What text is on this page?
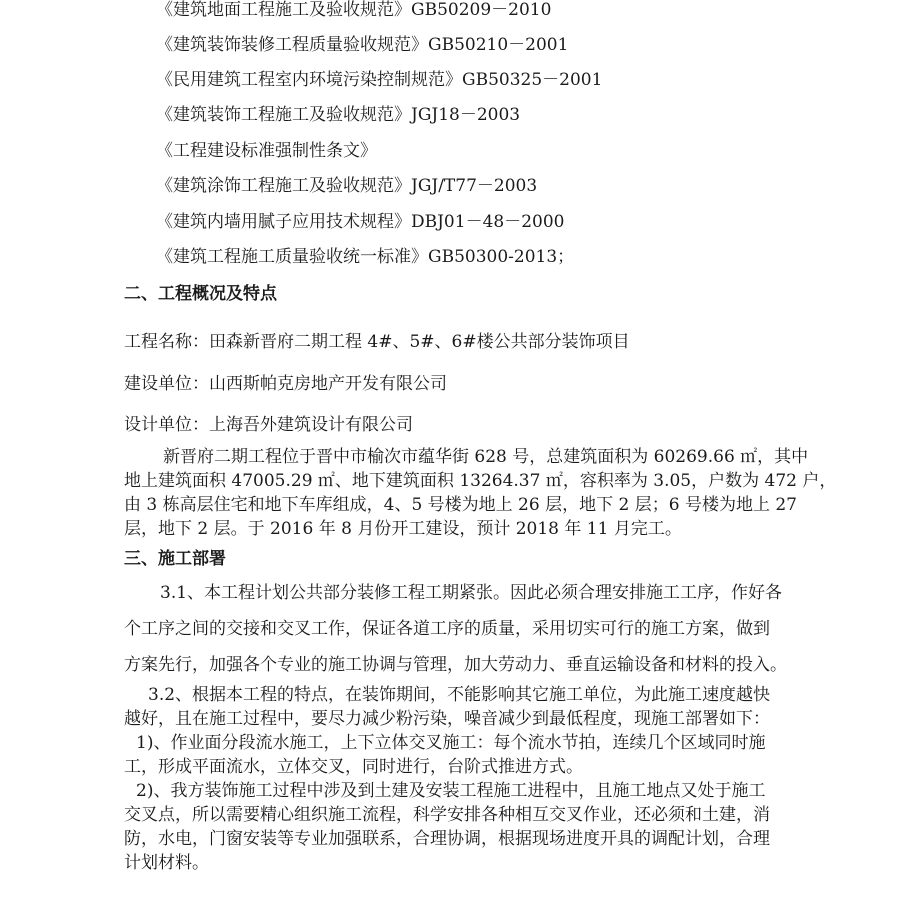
《建筑地面工程施工及验收规范》GB50209－2010
《建筑装饰装修工程质量验收规范》GB50210－2001
《民用建筑工程室内环境污染控制规范》GB50325－2001
《建筑装饰工程施工及验收规范》JGJ18－2003
《工程建设标准强制性条文》
《建筑涂饰工程施工及验收规范》JGJ/T77－2003
《建筑内墙用腻子应用技术规程》DBJ01－48－2000
《建筑工程施工质量验收统一标准》GB50300-2013；
二、工程概况及特点
工程名称：田森新晋府二期工程 4#、5#、6#楼公共部分装饰项目
建设单位：山西斯帕克房地产开发有限公司
设计单位：上海吾外建筑设计有限公司
新晋府二期工程位于晋中市榆次市蕴华街 628 号，总建筑面积为 60269.66 ㎡，其中
地上建筑面积 47005.29 ㎡、地下建筑面积 13264.37 ㎡，容积率为 3.05，户数为 472 户，
由 3 栋高层住宅和地下车库组成，4、5 号楼为地上 26 层，地下 2 层；6 号楼为地上 27
层，地下 2 层。于 2016 年 8 月份开工建设，预计 2018 年 11 月完工。
三、施工部署
3.1、本工程计划公共部分装修工程工期紧张。因此必须合理安排施工工序，作好各
个工序之间的交接和交叉工作，保证各道工序的质量，采用切实可行的施工方案，做到
方案先行，加强各个专业的施工协调与管理，加大劳动力、垂直运输设备和材料的投入。
3.2、根据本工程的特点，在装饰期间，不能影响其它施工单位，为此施工速度越快
越好，且在施工过程中，要尽力减少粉污染，噪音减少到最低程度，现施工部署如下：
1)、作业面分段流水施工，上下立体交叉施工：每个流水节拍，连续几个区域同时施
工，形成平面流水，立体交叉，同时进行，台阶式推进方式。
2)、我方装饰施工过程中涉及到土建及安装工程施工进程中，且施工地点又处于施工
交叉点，所以需要精心组织施工流程，科学安排各种相互交叉作业，还必须和土建，消
防，水电，门窗安装等专业加强联系，合理协调，根据现场进度开具的调配计划，合理
计划材料。
